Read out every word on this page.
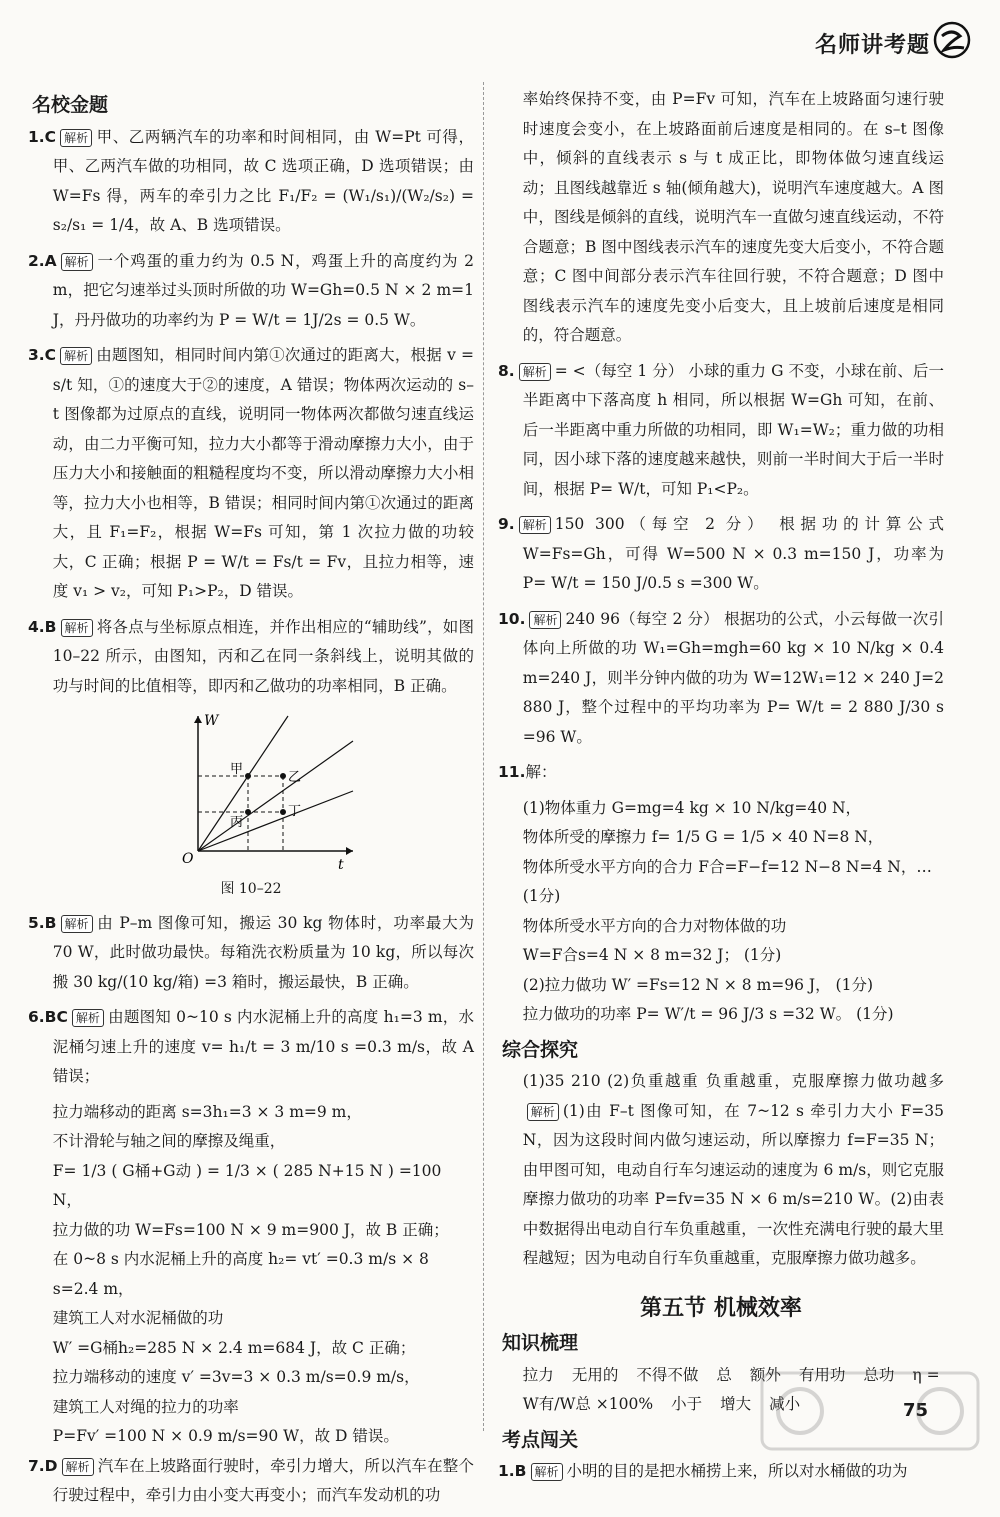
名师讲考题
名校金题
1.C 解析 甲、乙两辆汽车的功率和时间相同，由 W=Pt 可得，甲、乙两汽车做的功相同，故 C 选项正确，D 选项错误；由 W=Fs 得，两车的牵引力之比 F₁/F₂ = (W₁/s₁)/(W₂/s₂) = s₂/s₁ = 1/4，故 A、B 选项错误。
2.A 解析 一个鸡蛋的重力约为 0.5 N，鸡蛋上升的高度约为 2 m，把它匀速举过头顶时所做的功 W=Gh=0.5 N × 2 m=1 J，丹丹做功的功率约为 P = W/t = 1J/2s = 0.5 W。
3.C 解析 由题图知，相同时间内第①次通过的距离大，根据 v = s/t 知，①的速度大于②的速度，A 错误；物体两次运动的 s–t 图像都为过原点的直线，说明同一物体两次都做匀速直线运动，由二力平衡可知，拉力大小都等于滑动摩擦力大小，由于压力大小和接触面的粗糙程度均不变，所以滑动摩擦力大小相等，拉力大小也相等，B 错误；相同时间内第①次通过的距离大，且 F₁=F₂，根据 W=Fs 可知，第 1 次拉力做的功较大，C 正确；根据 P = W/t = Fs/t = Fv，且拉力相等，速度 v₁ > v₂，可知 P₁>P₂，D 错误。
4.B 解析 将各点与坐标原点相连，并作出相应的“辅助线”，如图 10–22 所示，由图知，丙和乙在同一条斜线上，说明其做的功与时间的比值相等，即丙和乙做功的功率相同，B 正确。
W
t
O
甲
乙
丙
丁
图 10–22
5.B 解析 由 P–m 图像可知，搬运 30 kg 物体时，功率最大为 70 W，此时做功最快。每箱洗衣粉质量为 10 kg，所以每次搬 30 kg/(10 kg/箱) =3 箱时，搬运最快，B 正确。
6.BC 解析 由题图知 0~10 s 内水泥桶上升的高度 h₁=3 m，水泥桶匀速上升的速度 v= h₁/t = 3 m/10 s =0.3 m/s，故 A 错误；
拉力端移动的距离 s=3h₁=3 × 3 m=9 m，
不计滑轮与轴之间的摩擦及绳重，
F= 1/3 ( G桶+G动 ) = 1/3 × ( 285 N+15 N ) =100 N，
拉力做的功 W=Fs=100 N × 9 m=900 J，故 B 正确；
在 0~8 s 内水泥桶上升的高度 h₂= vt′ =0.3 m/s × 8 s=2.4 m，
建筑工人对水泥桶做的功
W′ =G桶h₂=285 N × 2.4 m=684 J，故 C 正确；
拉力端移动的速度 v′ =3v=3 × 0.3 m/s=0.9 m/s，
建筑工人对绳的拉力的功率
P=Fv′ =100 N × 0.9 m/s=90 W，故 D 错误。
7.D 解析 汽车在上坡路面行驶时，牵引力增大，所以汽车在整个行驶过程中，牵引力由小变大再变小；而汽车发动机的功
率始终保持不变，由 P=Fv 可知，汽车在上坡路面匀速行驶时速度会变小，在上坡路面前后速度是相同的。在 s–t 图像中，倾斜的直线表示 s 与 t 成正比，即物体做匀速直线运动；且图线越靠近 s 轴(倾角越大)，说明汽车速度越大。A 图中，图线是倾斜的直线，说明汽车一直做匀速直线运动，不符合题意；B 图中图线表示汽车的速度先变大后变小，不符合题意；C 图中间部分表示汽车往回行驶，不符合题意；D 图中图线表示汽车的速度先变小后变大，且上坡前后速度是相同的，符合题意。
8. 解析 = <（每空 1 分） 小球的重力 G 不变，小球在前、后一半距离中下落高度 h 相同，所以根据 W=Gh 可知，在前、后一半距离中重力所做的功相同，即 W₁=W₂；重力做的功相同，因小球下落的速度越来越快，则前一半时间大于后一半时间，根据 P= W/t，可知 P₁<P₂。
9. 解析 150 300（每空 2 分） 根据功的计算公式 W=Fs=Gh，可得 W=500 N × 0.3 m=150 J，功率为 P= W/t = 150 J/0.5 s =300 W。
10. 解析 240 96（每空 2 分） 根据功的公式，小云每做一次引体向上所做的功 W₁=Gh=mgh=60 kg × 10 N/kg × 0.4 m=240 J，则半分钟内做的功为 W=12W₁=12 × 240 J=2 880 J，整个过程中的平均功率为 P= W/t = 2 880 J/30 s =96 W。
11.解：
(1)物体重力 G=mg=4 kg × 10 N/kg=40 N，
物体所受的摩擦力 f= 1/5 G = 1/5 × 40 N=8 N，
物体所受水平方向的合力 F合=F−f=12 N−8 N=4 N，… (1分)
物体所受水平方向的合力对物体做的功
W=F合s=4 N × 8 m=32 J； (1分)
(2)拉力做功 W′ =Fs=12 N × 8 m=96 J， (1分)
拉力做功的功率 P= W′/t = 96 J/3 s =32 W。 (1分)
综合探究
(1)35 210 (2)负重越重 负重越重，克服摩擦力做功越多解析 (1)由 F–t 图像可知，在 7~12 s 牵引力大小 F=35 N，因为这段时间内做匀速运动，所以摩擦力 f=F=35 N；由甲图可知，电动自行车匀速运动的速度为 6 m/s，则它克服摩擦力做功的功率 P=fv=35 N × 6 m/s=210 W。(2)由表中数据得出电动自行车负重越重，一次性充满电行驶的最大里程越短；因为电动自行车负重越重，克服摩擦力做功越多。
第五节 机械效率
知识梳理
拉力 无用的 不得不做 总 额外 有用功 总功 η = W有/W总 ×100% 小于 增大 减小
考点闯关
1.B 解析 小明的目的是把水桶捞上来，所以对水桶做的功为
75
